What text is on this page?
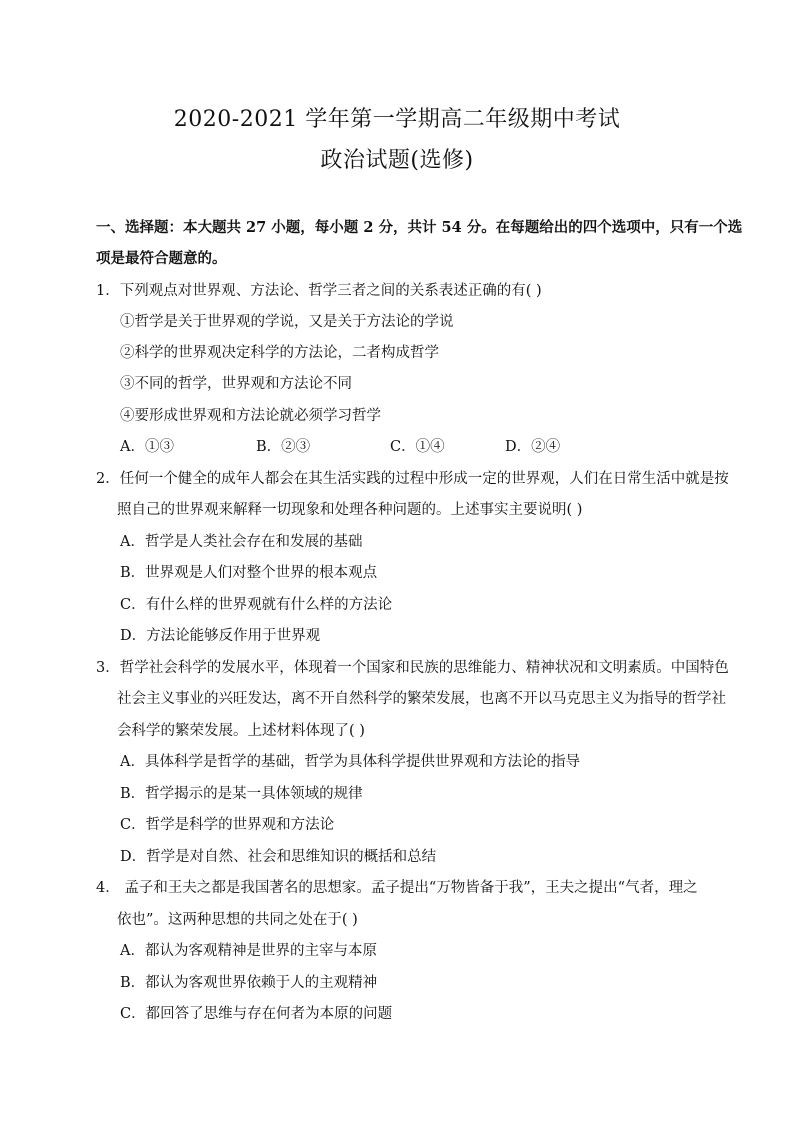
2020-2021 学年第一学期高二年级期中考试
政治试题(选修)
一、选择题：本大题共 27 小题，每小题 2 分，共计 54 分。在每题给出的四个选项中，只有一个选
项是最符合题意的。
1．下列观点对世界观、方法论、哲学三者之间的关系表述正确的有( )
①哲学是关于世界观的学说，又是关于方法论的学说
②科学的世界观决定科学的方法论，二者构成哲学
③不同的哲学，世界观和方法论不同
④要形成世界观和方法论就必须学习哲学
A．①③	B．②③	C．①④	D．②④
2．任何一个健全的成年人都会在其生活实践的过程中形成一定的世界观，人们在日常生活中就是按
照自己的世界观来解释一切现象和处理各种问题的。上述事实主要说明( )
A．哲学是人类社会存在和发展的基础
B．世界观是人们对整个世界的根本观点
C．有什么样的世界观就有什么样的方法论
D．方法论能够反作用于世界观
3．哲学社会科学的发展水平，体现着一个国家和民族的思维能力、精神状况和文明素质。中国特色
社会主义事业的兴旺发达，离不开自然科学的繁荣发展，也离不开以马克思主义为指导的哲学社
会科学的繁荣发展。上述材料体现了( )
A．具体科学是哲学的基础，哲学为具体科学提供世界观和方法论的指导
B．哲学揭示的是某一具体领域的规律
C．哲学是科学的世界观和方法论
D．哲学是对自然、社会和思维知识的概括和总结
4． 孟子和王夫之都是我国著名的思想家。孟子提出“万物皆备于我”，王夫之提出“气者，理之
依也”。这两种思想的共同之处在于( )
A．都认为客观精神是世界的主宰与本原
B．都认为客观世界依赖于人的主观精神
C．都回答了思维与存在何者为本原的问题
